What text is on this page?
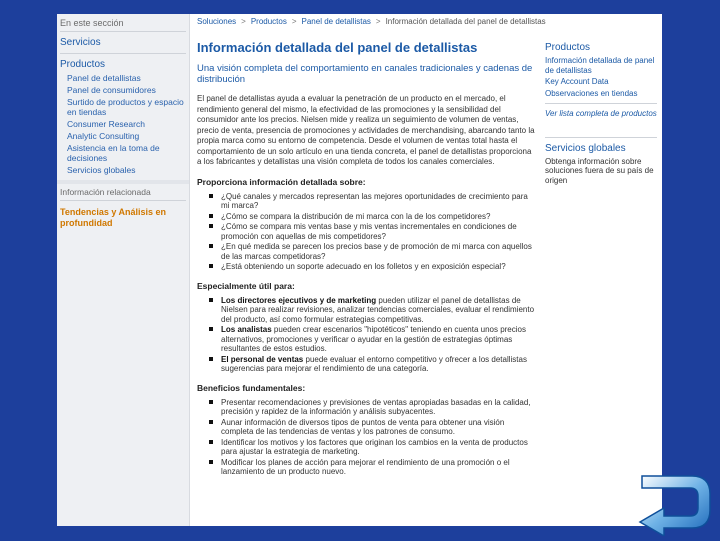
En este sección
Servicios
Productos
Panel de detallistas
Panel de consumidores
Surtido de productos y espacio en tiendas
Consumer Research
Analytic Consulting
Asistencia en la toma de decisiones
Servicios globales
Información relacionada
Tendencias y Análisis en profundidad
Soluciones > Productos > Panel de detallistas > Información detallada del panel de detallistas
Información detallada del panel de detallistas
Una visión completa del comportamiento en canales tradicionales y cadenas de distribución
El panel de detallistas ayuda a evaluar la penetración de un producto en el mercado, el rendimiento general del mismo, la efectividad de las promociones y la sensibilidad del consumidor ante los precios. Nielsen mide y realiza un seguimiento de volumen de ventas, precio de venta, presencia de promociones y actividades de merchandising, abarcando tanto la propia marca como su entorno de competencia. Desde el volumen de ventas total hasta el comportamiento de un solo artículo en una tienda concreta, el panel de detallistas proporciona a los fabricantes y detallistas una visión completa de todos los canales comerciales.
Proporciona información detallada sobre:
¿Qué canales y mercados representan las mejores oportunidades de crecimiento para mi marca?
¿Cómo se compara la distribución de mi marca con la de los competidores?
¿Cómo se compara mis ventas base y mis ventas incrementales en condiciones de promoción con aquellas de mis competidores?
¿En qué medida se parecen los precios base y de promoción de mi marca con aquellos de las marcas competidoras?
¿Está obteniendo un soporte adecuado en los folletos y en exposición especial?
Especialmente útil para:
Los directores ejecutivos y de marketing pueden utilizar el panel de detallistas de Nielsen para realizar revisiones, analizar tendencias comerciales, evaluar el rendimiento del producto, así como formular estrategias competitivas.
Los analistas pueden crear escenarios "hipotéticos" teniendo en cuenta unos precios alternativos, promociones y verificar o ayudar en la gestión de estrategias óptimas resultantes de estos estudios.
El personal de ventas puede evaluar el entorno competitivo y ofrecer a los detallistas sugerencias para mejorar el rendimiento de una categoría.
Beneficios fundamentales:
Presentar recomendaciones y previsiones de ventas apropiadas basadas en la calidad, precisión y rapidez de la información y análisis subyacentes.
Aunar información de diversos tipos de puntos de venta para obtener una visión completa de las tendencias de ventas y los patrones de consumo.
Identificar los motivos y los factores que originan los cambios en la venta de productos para ajustar la estrategia de marketing.
Modificar los planes de acción para mejorar el rendimiento de una promoción o el lanzamiento de un producto nuevo.
Productos
Información detallada de panel de detallistas
Key Account Data
Observaciones en tiendas
Ver lista completa de productos
Servicios globales
Obtenga información sobre soluciones fuera de su país de origen
